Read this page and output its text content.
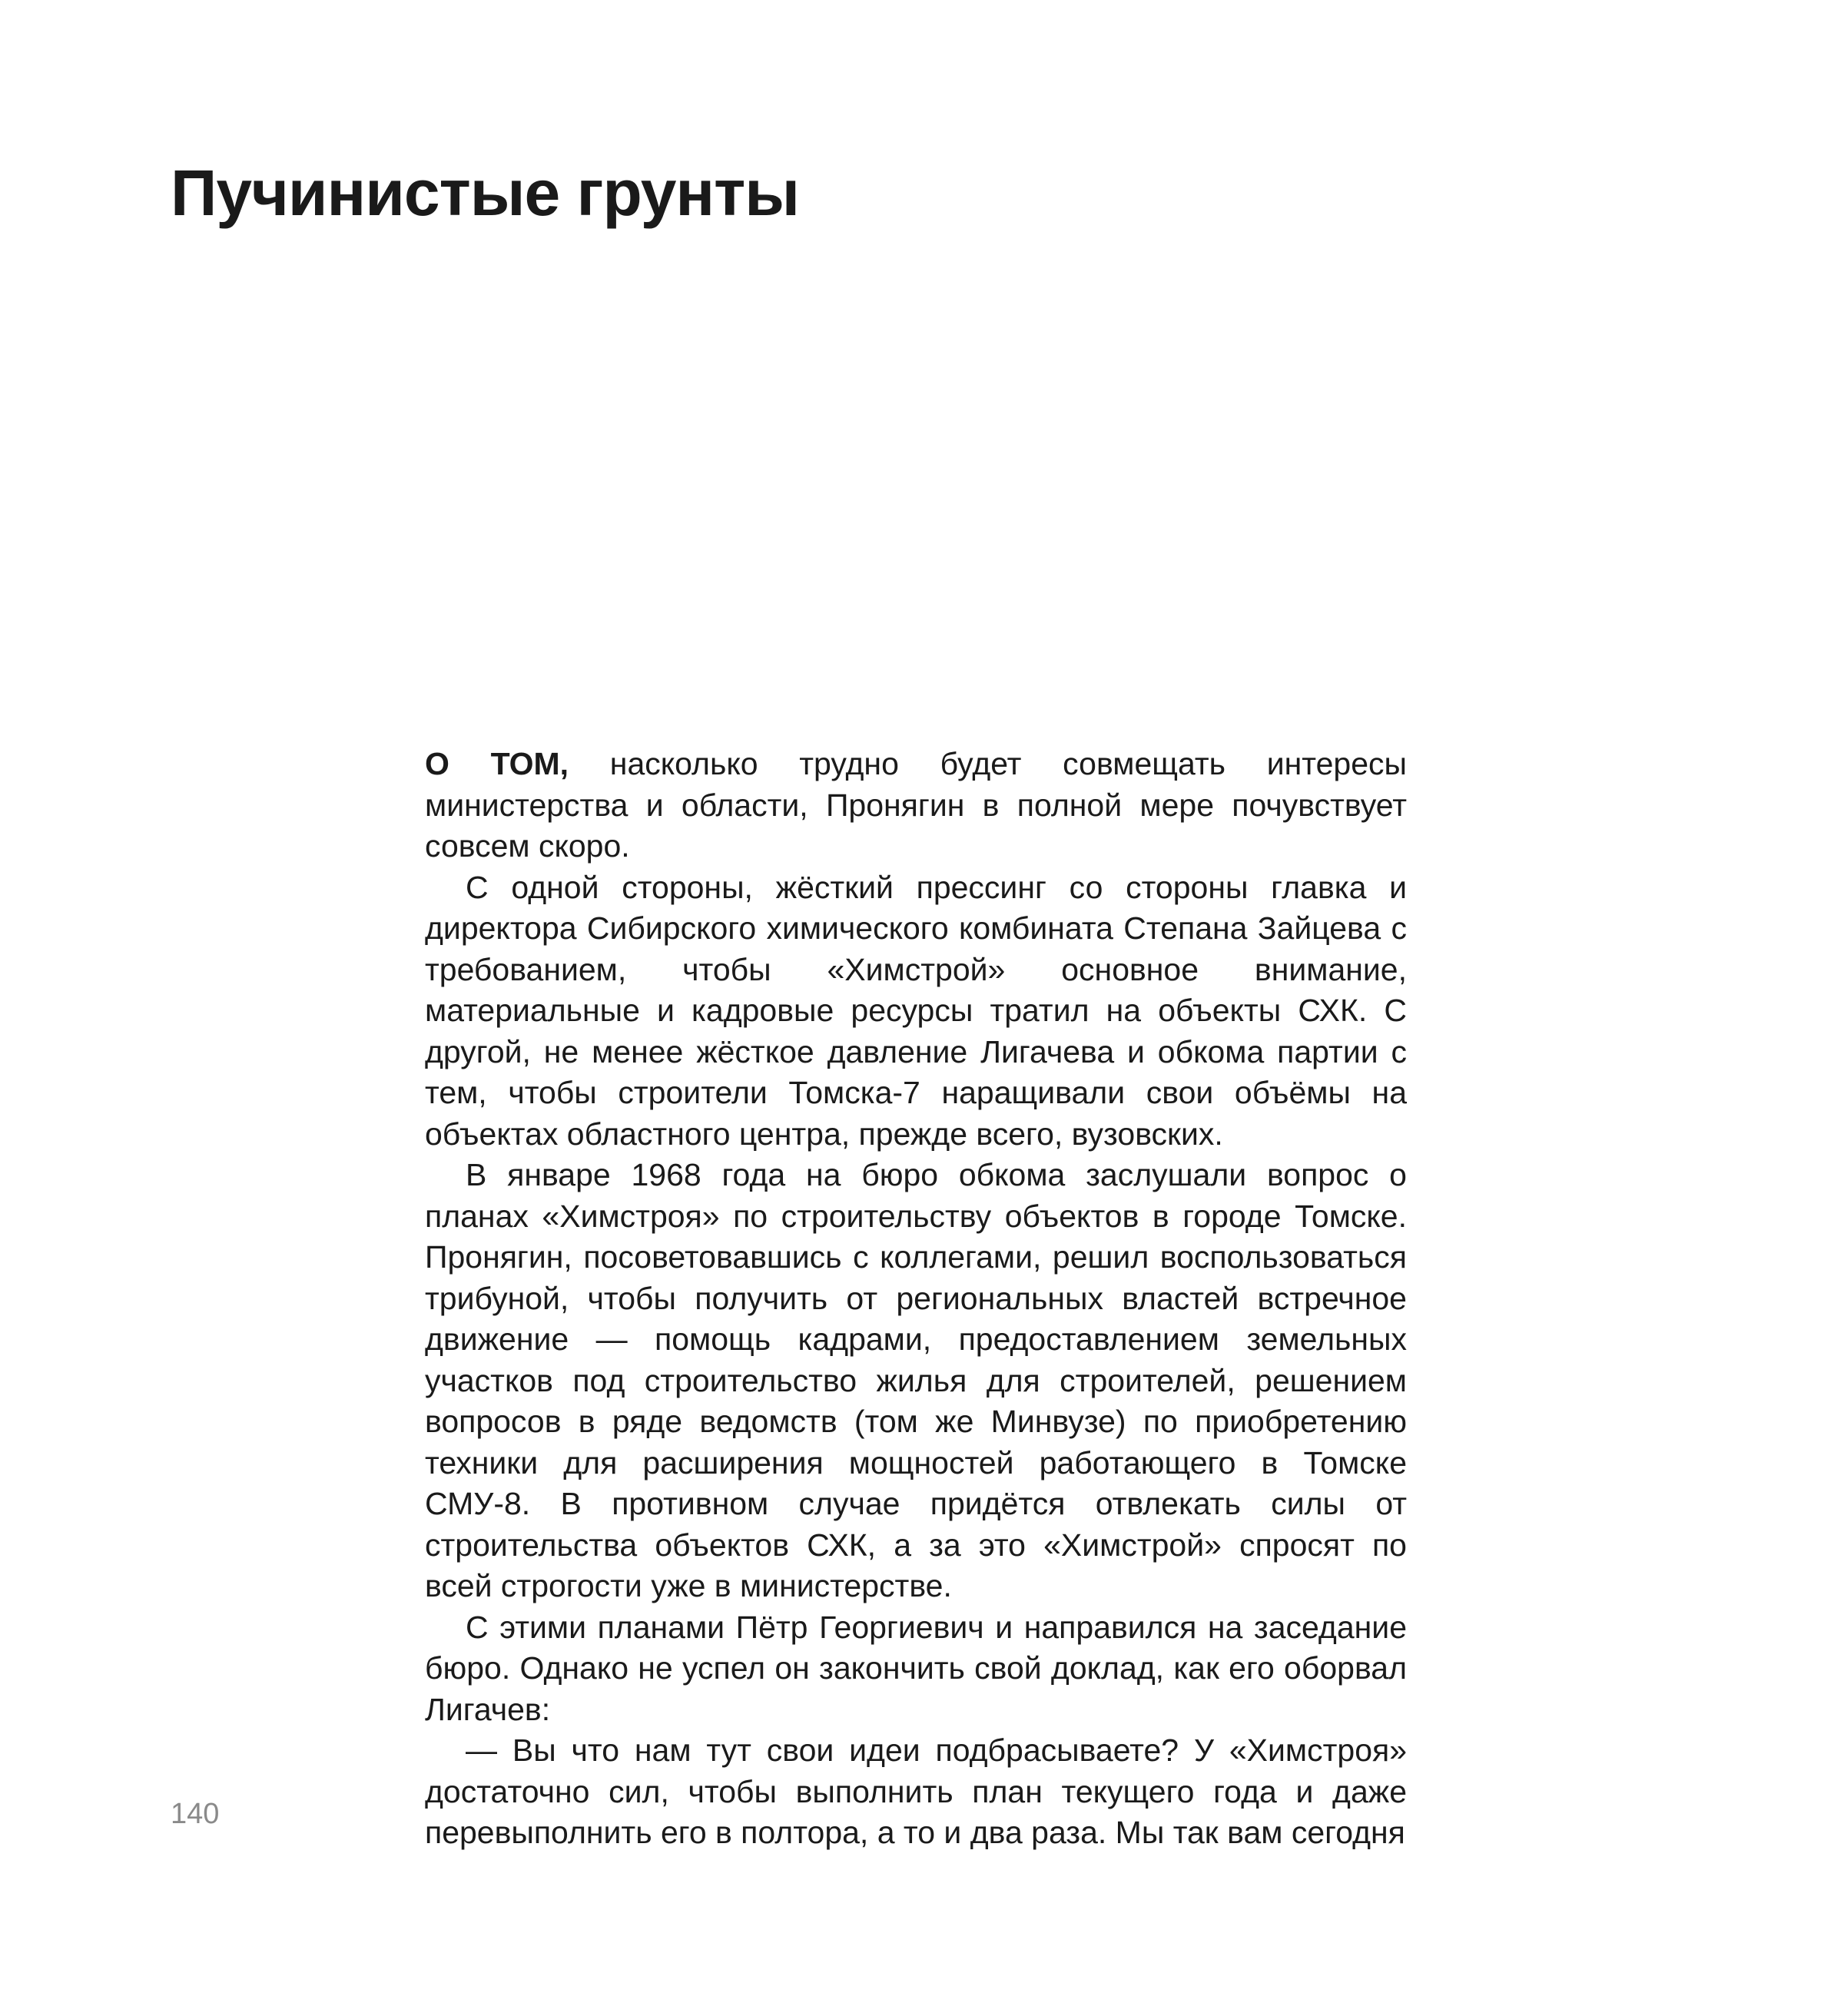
Пучинистые грунты

О ТОМ, насколько трудно будет совмещать интересы министерства и области, Пронягин в полной мере почувствует совсем скоро.

С одной стороны, жёсткий прессинг со стороны главка и директора Сибирского химического комбината Степана Зайцева с требованием, чтобы «Химстрой» основное внимание, материальные и кадровые ресурсы тратил на объекты СХК. С другой, не менее жёсткое давление Лигачева и обкома партии с тем, чтобы строители Томска-7 наращивали свои объёмы на объектах областного центра, прежде всего, вузовских.

В январе 1968 года на бюро обкома заслушали вопрос о планах «Химстроя» по строительству объектов в городе Томске. Пронягин, посоветовавшись с коллегами, решил воспользоваться трибуной, чтобы получить от региональных властей встречное движение — помощь кадрами, предоставлением земельных участков под строительство жилья для строителей, решением вопросов в ряде ведомств (том же Минвузе) по приобретению техники для расширения мощностей работающего в Томске СМУ-8. В противном случае придётся отвлекать силы от строительства объектов СХК, а за это «Химстрой» спросят по всей строгости уже в министерстве.

С этими планами Пётр Георгиевич и направился на заседание бюро. Однако не успел он закончить свой доклад, как его оборвал Лигачев:

— Вы что нам тут свои идеи подбрасываете? У «Химстроя» достаточно сил, чтобы выполнить план текущего года и даже перевыполнить его в полтора, а то и два раза. Мы так вам сегодня

140
